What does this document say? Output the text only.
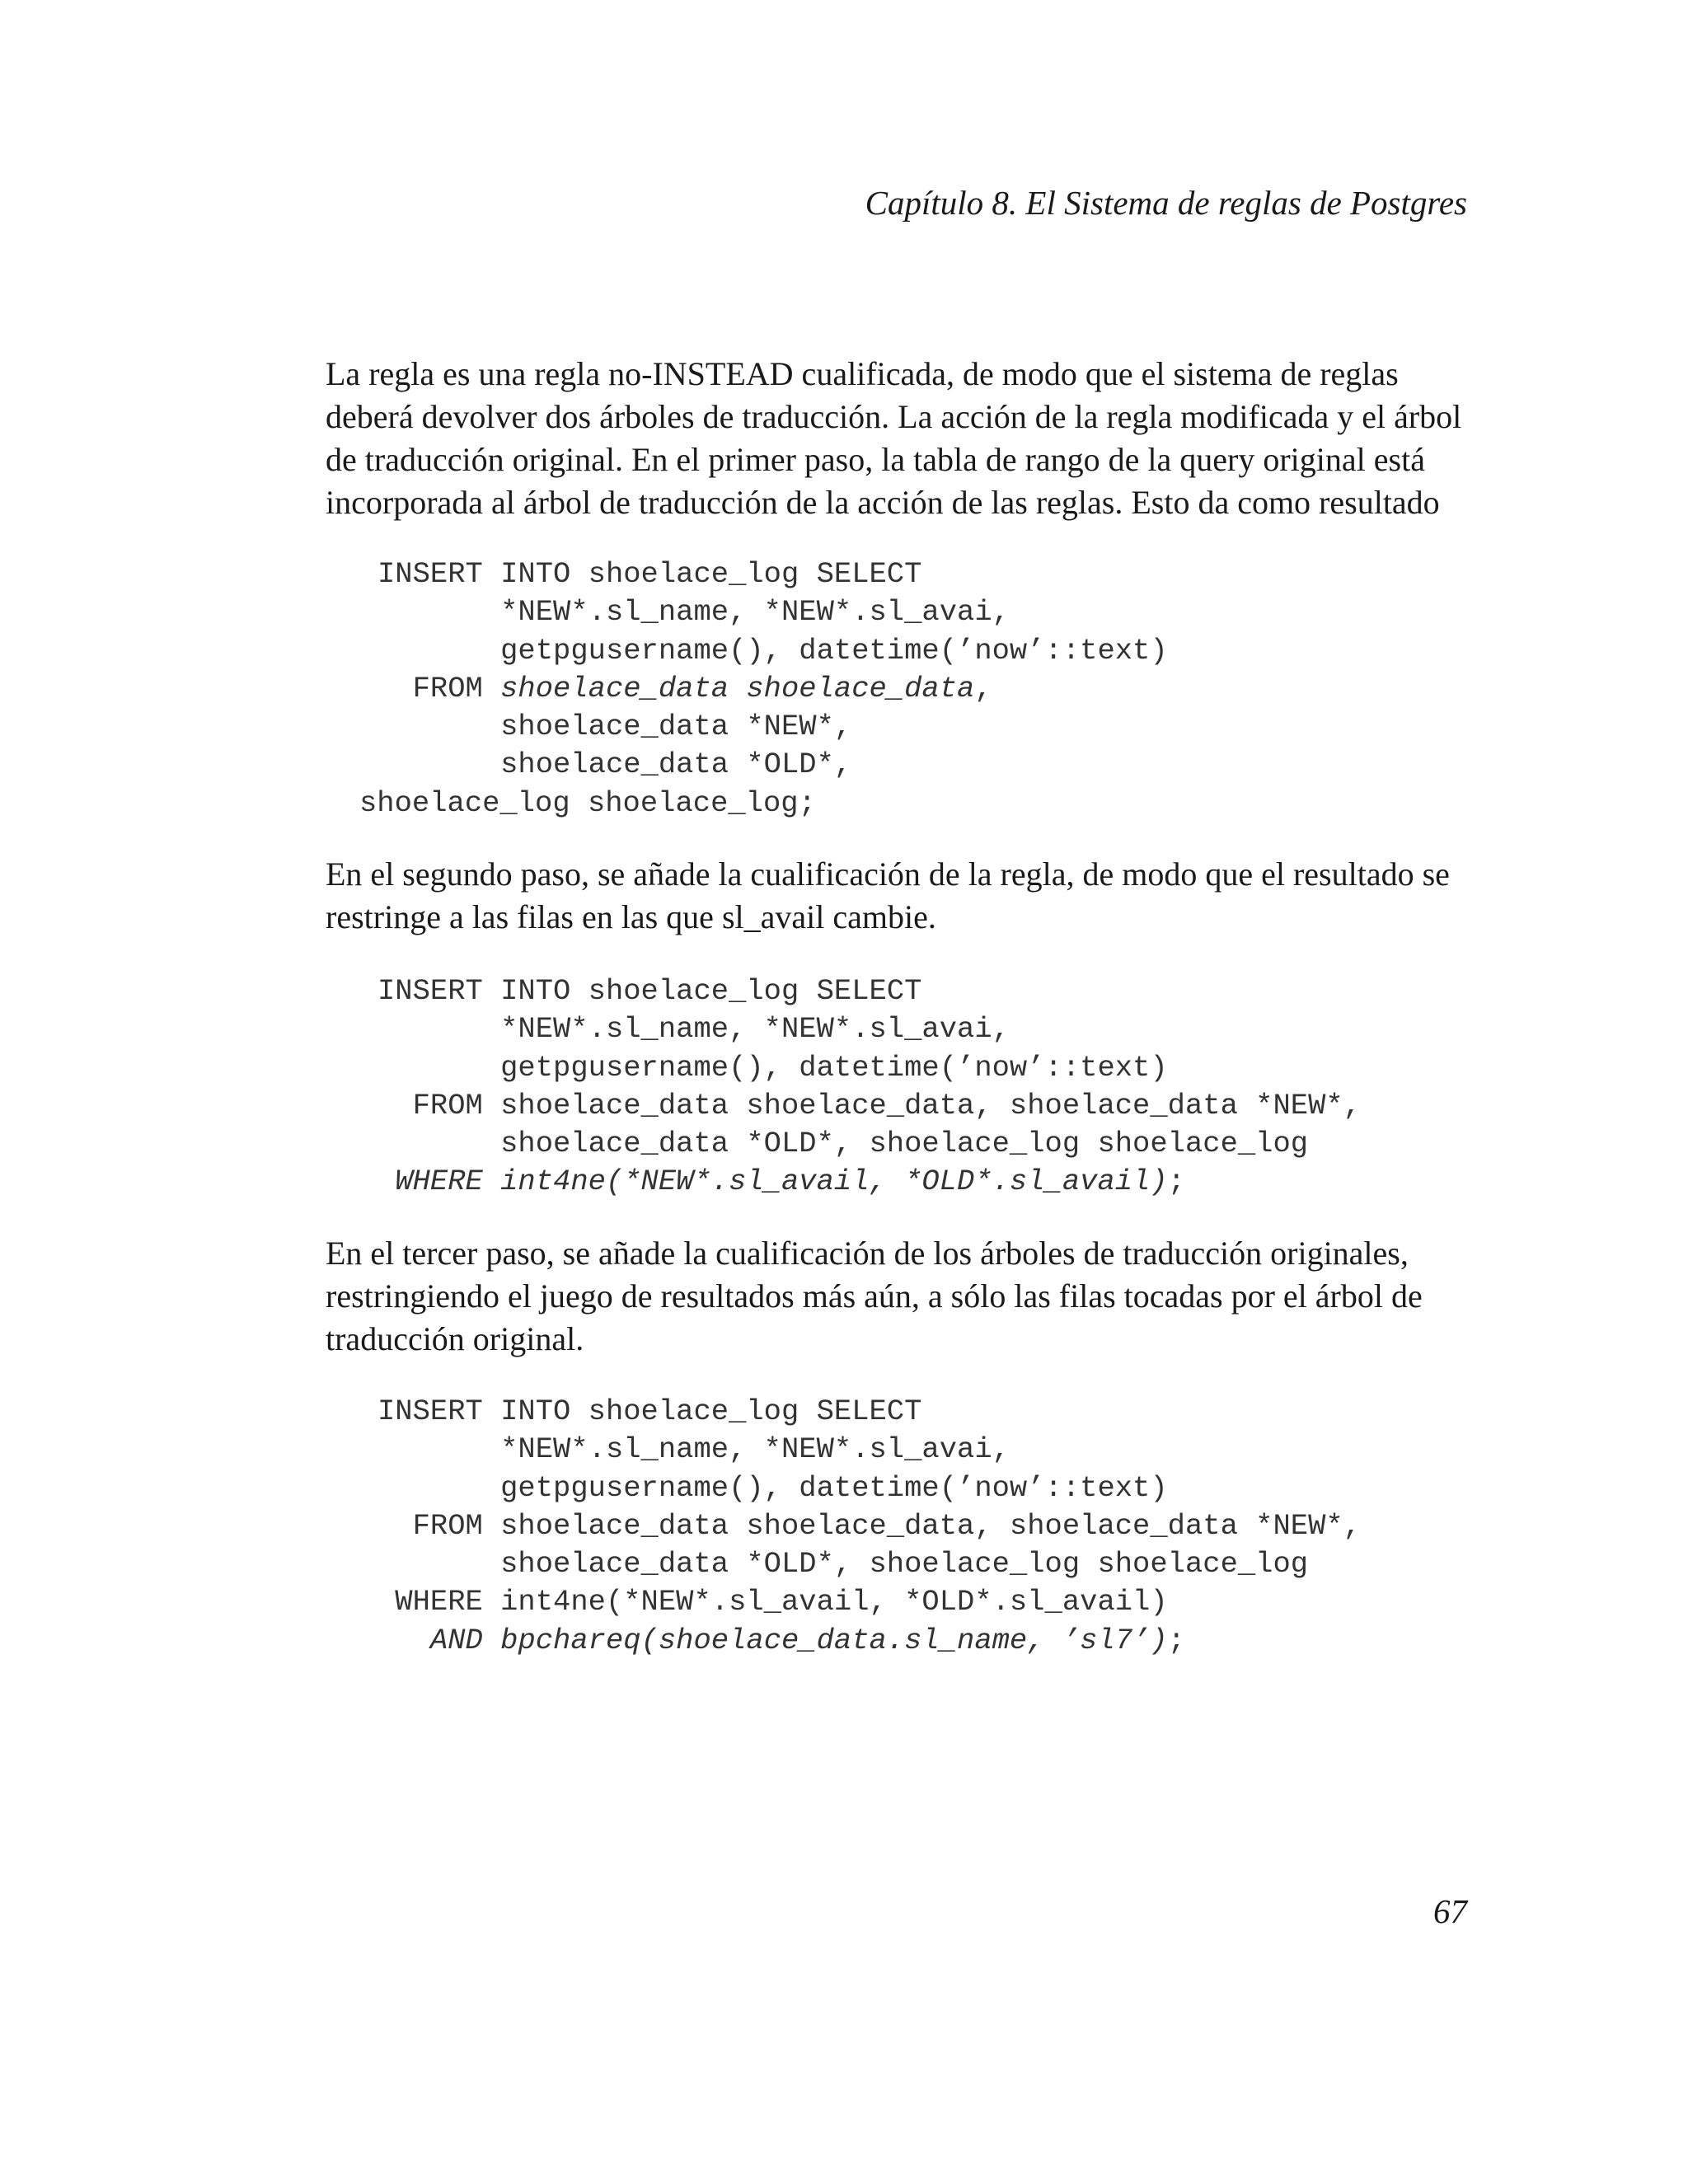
Capítulo 8. El Sistema de reglas de Postgres

La regla es una regla no-INSTEAD cualificada, de modo que el sistema de reglas
deberá devolver dos árboles de traducción. La acción de la regla modificada y el árbol
de traducción original. En el primer paso, la tabla de rango de la query original está
incorporada al árbol de traducción de la acción de las reglas. Esto da como resultado

INSERT INTO shoelace_log SELECT
*NEW*.sl_name, *NEW*.sl_avai,
getpgusername(), datetime(’now’::text)
FROM shoelace_data shoelace_data,
shoelace_data *NEW*,
shoelace_data *OLD*,
shoelace_log shoelace_log;

En el segundo paso, se añade la cualificación de la regla, de modo que el resultado se
restringe a las filas en las que sl_avail cambie.

INSERT INTO shoelace_log SELECT
*NEW*.sl_name, *NEW*.sl_avai,
getpgusername(), datetime(’now’::text)
FROM shoelace_data shoelace_data, shoelace_data *NEW*,
shoelace_data *OLD*, shoelace_log shoelace_log
WHERE int4ne(*NEW*.sl_avail, *OLD*.sl_avail);

En el tercer paso, se añade la cualificación de los árboles de traducción originales,
restringiendo el juego de resultados más aún, a sólo las filas tocadas por el árbol de
traducción original.

INSERT INTO shoelace_log SELECT
*NEW*.sl_name, *NEW*.sl_avai,
getpgusername(), datetime(’now’::text)
FROM shoelace_data shoelace_data, shoelace_data *NEW*,
shoelace_data *OLD*, shoelace_log shoelace_log
WHERE int4ne(*NEW*.sl_avail, *OLD*.sl_avail)
AND bpchareq(shoelace_data.sl_name, ’sl7’);
67
